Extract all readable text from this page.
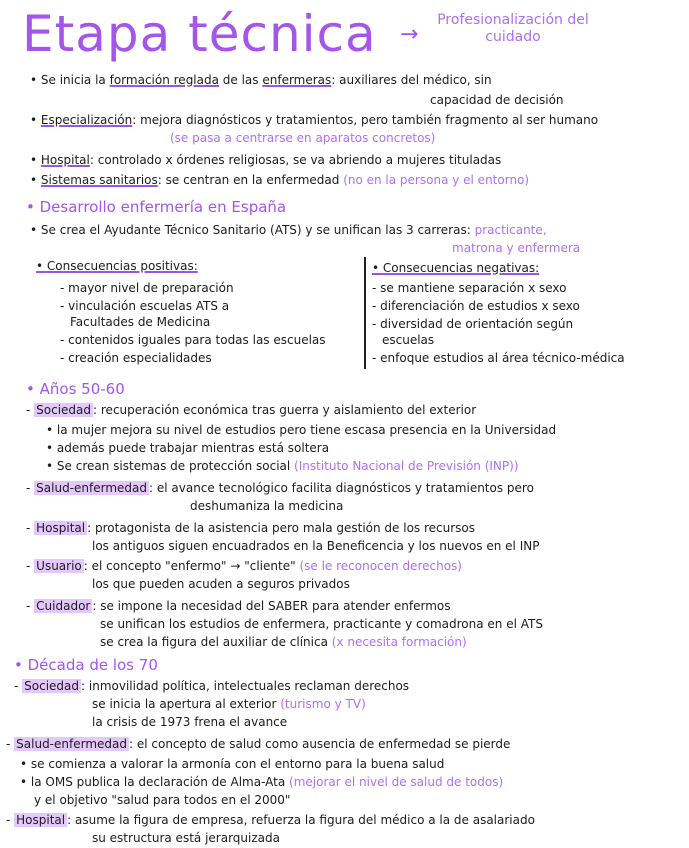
Etapa técnica →
Profesionalización del cuidado
• Se inicia la formación reglada de las enfermeras: auxiliares del médico, sin
capacidad de decisión
• Especialización: mejora diagnósticos y tratamientos, pero también fragmento al ser humano
(se pasa a centrarse en aparatos concretos)
• Hospital: controlado x órdenes religiosas, se va abriendo a mujeres tituladas
• Sistemas sanitarios: se centran en la enfermedad (no en la persona y el entorno)
• Desarrollo enfermería en España
• Se crea el Ayudante Técnico Sanitario (ATS) y se unifican las 3 carreras: practicante,
matrona y enfermera
• Consecuencias positivas:
- mayor nivel de preparación
- vinculación escuelas ATS a
Facultades de Medicina
- contenidos iguales para todas las escuelas
- creación especialidades
• Consecuencias negativas:
- se mantiene separación x sexo
- diferenciación de estudios x sexo
- diversidad de orientación según
escuelas
- enfoque estudios al área técnico-médica
• Años 50-60
- Sociedad : recuperación económica tras guerra y aislamiento del exterior
• la mujer mejora su nivel de estudios pero tiene escasa presencia en la Universidad
• además puede trabajar mientras está soltera
• Se crean sistemas de protección social (Instituto Nacional de Previsión (INP))
- Salud-enfermedad : el avance tecnológico facilita diagnósticos y tratamientos pero
deshumaniza la medicina
- Hospital : protagonista de la asistencia pero mala gestión de los recursos
los antiguos siguen encuadrados en la Beneficencia y los nuevos en el INP
- Usuario : el concepto "enfermo" → "cliente" (se le reconocen derechos)
los que pueden acuden a seguros privados
- Cuidador : se impone la necesidad del SABER para atender enfermos
se unifican los estudios de enfermera, practicante y comadrona en el ATS
se crea la figura del auxiliar de clínica (x necesita formación)
• Década de los 70
- Sociedad : inmovilidad política, intelectuales reclaman derechos
se inicia la apertura al exterior (turismo y TV)
la crisis de 1973 frena el avance
- Salud-enfermedad : el concepto de salud como ausencia de enfermedad se pierde
• se comienza a valorar la armonía con el entorno para la buena salud
• la OMS publica la declaración de Alma-Ata (mejorar el nivel de salud de todos)
y el objetivo "salud para todos en el 2000"
- Hospital : asume la figura de empresa, refuerza la figura del médico a la de asalariado
su estructura está jerarquizada
